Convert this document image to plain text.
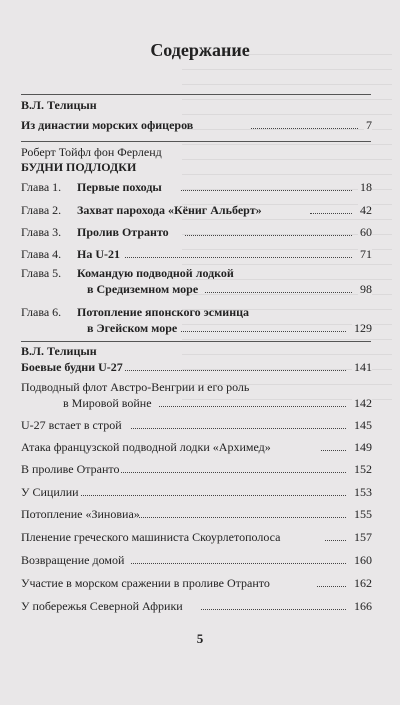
Содержание
В.Л. Телицын
Из династии морских офицеров	7
Роберт Тойфл фон Ферленд
БУДНИ ПОДЛОДКИ
Глава 1.	Первые походы	18
Глава 2.	Захват парохода «Кёниг Альберт»	42
Глава 3.	Пролив Отранто	60
Глава 4.	На U-21	71
Глава 5.	Командую подводной лодкой
в Средиземном море	98
Глава 6.	Потопление японского эсминца
в Эгейском море	129
В.Л. Телицын
Боевые будни U-27	141
Подводный флот Австро-Венгрии и его роль
в Мировой войне	142
U-27 встает в строй	145
Атака французской подводной лодки «Архимед»	149
В проливе Отранто	152
У Сицилии	153
Потопление «Зиновиа»	155
Пленение греческого машиниста Скоурлетополоса	157
Возвращение домой	160
Участие в морском сражении в проливе Отранто	162
У побережья Северной Африки	166
5
